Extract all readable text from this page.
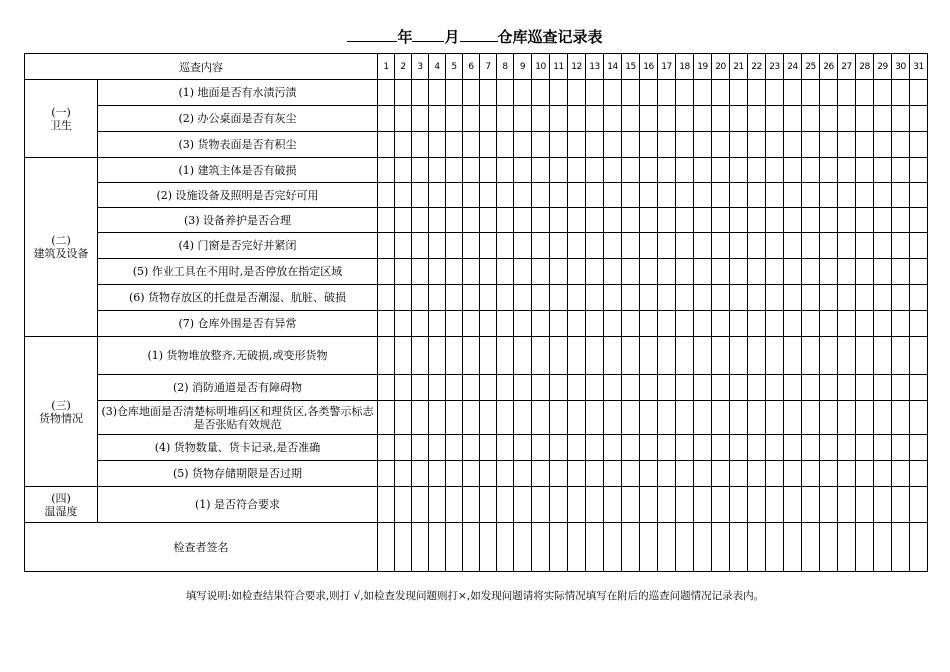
年 月	仓库巡查记录表
巡查内容		1	2	3	4	5	6	7	8	9	10	11	12	13	14	15	16	17	18	19	20	21	22	23	24	25	26	27	28	29	30	31

(一)
卫生	(1) 地面是否有水渍污渍																															
	(2) 办公桌面是否有灰尘																															
	(3) 货物表面是否有积尘																															

(二)
建筑及设备	(1) 建筑主体是否有破损																															
	(2) 设施设备及照明是否完好可用																															
	(3) 设备养护是否合理																															
	(4) 门窗是否完好并紧闭																															
	(5) 作业工具在不用时,是否停放在指定区域																															
	(6) 货物存放区的托盘是否潮湿、肮脏、破损																															
	(7) 仓库外围是否有异常																															

(三)
货物情况	(1) 货物堆放整齐,无破损,或变形货物																															
	(2) 消防通道是否有障碍物																															
	(3)仓库地面是否清楚标明堆码区和理货区,各类警示标志是否张贴有效规范																															
	(4) 货物数量、货卡记录,是否准确																															
	(5) 货物存储期限是否过期																															

(四)
温湿度	(1) 是否符合要求																															
检查者签名																																
填写说明:如检查结果符合要求,则打 √,如检查发现问题则打×,如发现问题请将实际情况填写在附后的巡查问题情况记录表内。
